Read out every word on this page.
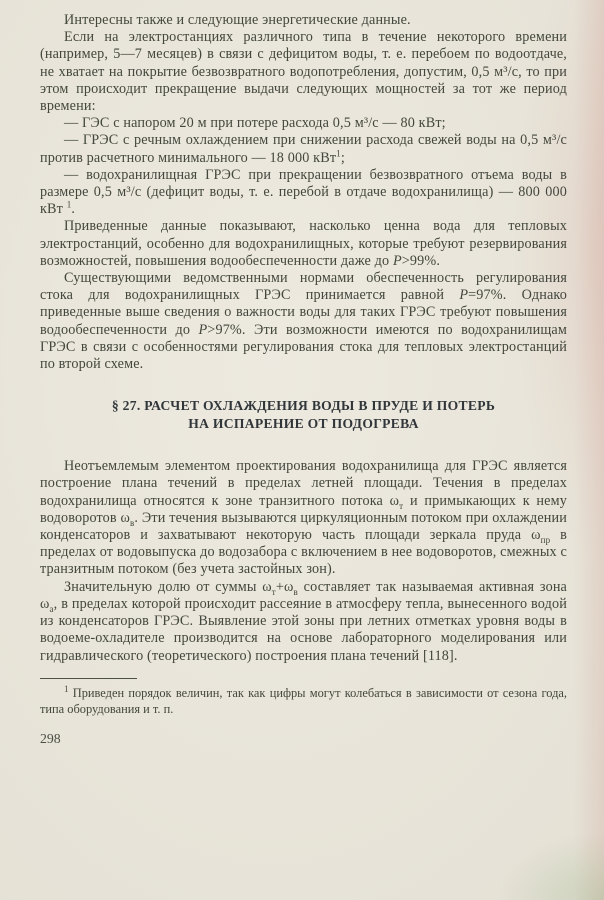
Интересны также и следующие энергетические данные.

Если на электростанциях различного типа в течение некоторого времени (например, 5—7 месяцев) в связи с дефицитом воды, т. е. перебоем по водоотдаче, не хватает на покрытие безвозвратного водопотребления, допустим, 0,5 м³/с, то при этом происходит прекращение выдачи следующих мощностей за тот же период времени:

— ГЭС с напором 20 м при потере расхода 0,5 м³/с — 80 кВт;

— ГРЭС с речным охлаждением при снижении расхода свежей воды на 0,5 м³/с против расчетного минимального — 18 000 кВт$^1$;

— водохранилищная ГРЭС при прекращении безвозвратного отъема воды в размере 0,5 м³/с (дефицит воды, т. е. перебой в отдаче водохранилища) — 800 000 кВт $^1$.

Приведенные данные показывают, насколько ценна вода для тепловых электростанций, особенно для водохранилищных, которые требуют резервирования возможностей, повышения водообеспеченности даже до P>99%.

Существующими ведомственными нормами обеспеченность регулирования стока для водохранилищных ГРЭС принимается равной P=97%. Однако приведенные выше сведения о важности воды для таких ГРЭС требуют повышения водообеспеченности до P>97%. Эти возможности имеются по водохранилищам ГРЭС в связи с особенностями регулирования стока для тепловых электростанций по второй схеме.

§ 27. РАСЧЕТ ОХЛАЖДЕНИЯ ВОДЫ В ПРУДЕ И ПОТЕРЬ
НА ИСПАРЕНИЕ ОТ ПОДОГРЕВА

Неотъемлемым элементом проектирования водохранилища для ГРЭС является построение плана течений в пределах летней площади. Течения в пределах водохранилища относятся к зоне транзитного потока $\omega_т$ и примыкающих к нему водоворотов $\omega_в$. Эти течения вызываются циркуляционным потоком при охлаждении конденсаторов и захватывают некоторую часть площади зеркала пруда $\omega_{пр}$ в пределах от водовыпуска до водозабора с включением в нее водоворотов, смежных с транзитным потоком (без учета застойных зон).

Значительную долю от суммы $\omega_т+\omega_в$ составляет так называемая активная зона $\omega_а$, в пределах которой происходит рассеяние в атмосферу тепла, вынесенного водой из конденсаторов ГРЭС. Выявление этой зоны при летних отметках уровня воды в водоеме-охладителе производится на основе лабораторного моделирования или гидравлического (теоретического) построения плана течений [118].

$^1$ Приведен порядок величин, так как цифры могут колебаться в зависимости от сезона года, типа оборудования и т. п.

298
